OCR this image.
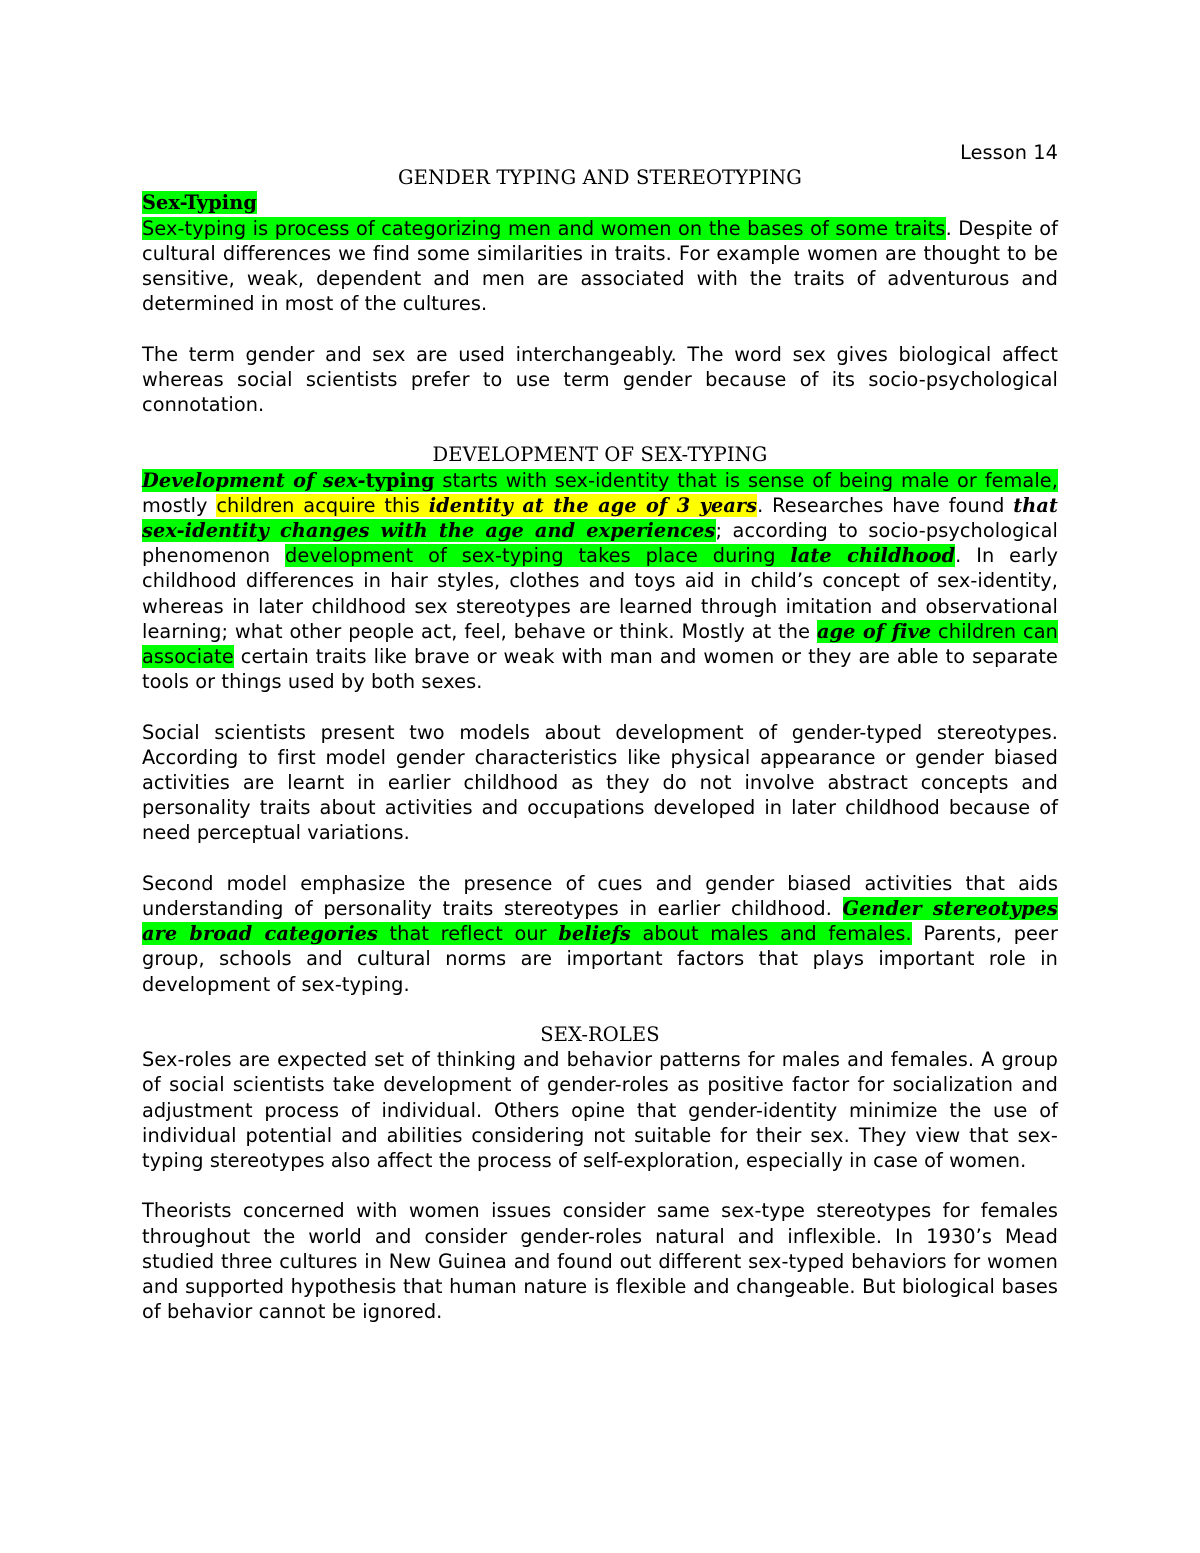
Lesson 14

GENDER TYPING AND STEREOTYPING
Sex-Typing

Sex-typing is process of categorizing men and women on the bases of some traits. Despite of cultural differences we find some similarities in traits. For example women are thought to be sensitive, weak, dependent and men are associated with the traits of adventurous and determined in most of the cultures.

The term gender and sex are used interchangeably. The word sex gives biological affect whereas social scientists prefer to use term gender because of its socio-psychological connotation.

DEVELOPMENT OF SEX-TYPING

Development of sex-typing starts with sex-identity that is sense of being male or female, mostly children acquire this identity at the age of 3 years. Researches have found that sex-identity changes with the age and experiences; according to socio-psychological phenomenon development of sex-typing takes place during late childhood. In early childhood differences in hair styles, clothes and toys aid in child’s concept of sex-identity, whereas in later childhood sex stereotypes are learned through imitation and observational learning; what other people act, feel, behave or think. Mostly at the age of five children can associate certain traits like brave or weak with man and women or they are able to separate tools or things used by both sexes.

Social scientists present two models about development of gender-typed stereotypes. According to first model gender characteristics like physical appearance or gender biased activities are learnt in earlier childhood as they do not involve abstract concepts and personality traits about activities and occupations developed in later childhood because of need perceptual variations.

Second model emphasize the presence of cues and gender biased activities that aids understanding of personality traits stereotypes in earlier childhood. Gender stereotypes are broad categories that reflect our beliefs about males and females. Parents, peer group, schools and cultural norms are important factors that plays important role in development of sex-typing.

SEX-ROLES

Sex-roles are expected set of thinking and behavior patterns for males and females. A group of social scientists take development of gender-roles as positive factor for socialization and adjustment process of individual. Others opine that gender-identity minimize the use of individual potential and abilities considering not suitable for their sex. They view that sex-typing stereotypes also affect the process of self-exploration, especially in case of women.

Theorists concerned with women issues consider same sex-type stereotypes for females throughout the world and consider gender-roles natural and inflexible. In 1930’s Mead studied three cultures in New Guinea and found out different sex-typed behaviors for women and supported hypothesis that human nature is flexible and changeable. But biological bases of behavior cannot be ignored.
